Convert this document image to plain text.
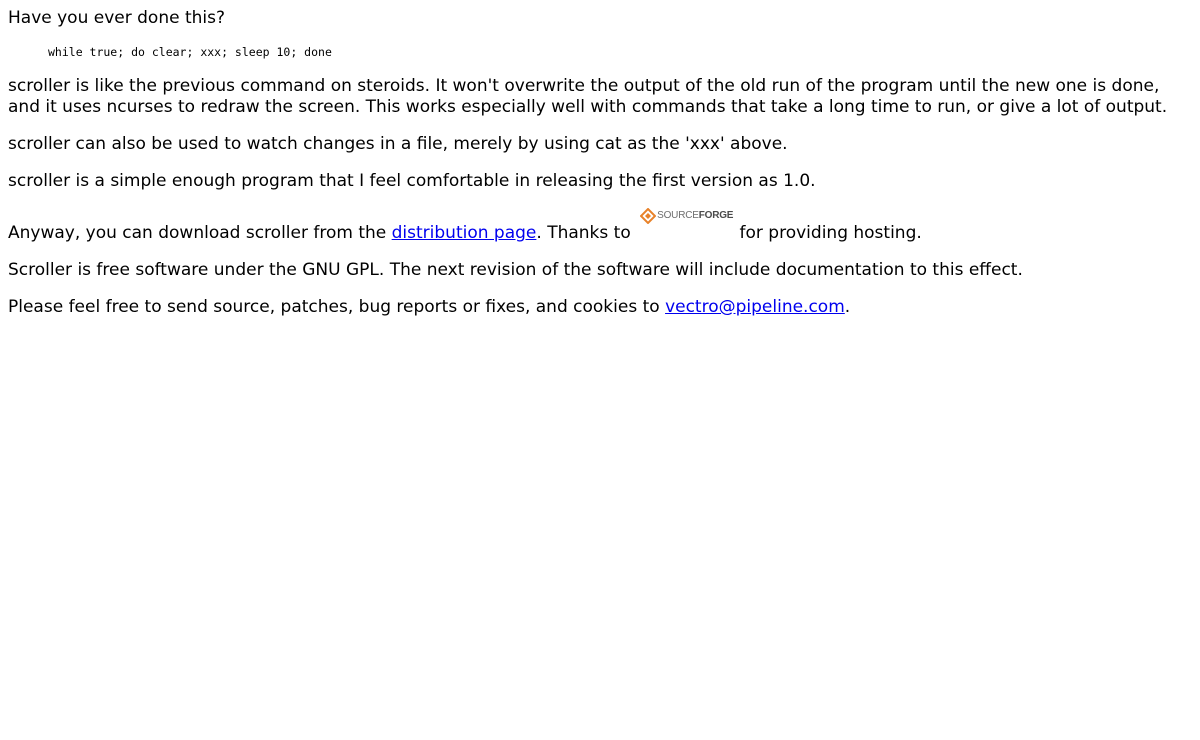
Have you ever done this?

while true; do clear; xxx; sleep 10; done

scroller is like the previous command on steroids. It won't overwrite the output of the old run of the program until the new one is done, and it uses ncurses to redraw the screen. This works especially well with commands that take a long time to run, or give a lot of output.

scroller can also be used to watch changes in a file, merely by using cat as the 'xxx' above.

scroller is a simple enough program that I feel comfortable in releasing the first version as 1.0.

Anyway, you can download scroller from the distribution page. Thanks to
SOURCEFORGE
for providing hosting.

Scroller is free software under the GNU GPL. The next revision of the software will include documentation to this effect.

Please feel free to send source, patches, bug reports or fixes, and cookies to vectro@pipeline.com.
